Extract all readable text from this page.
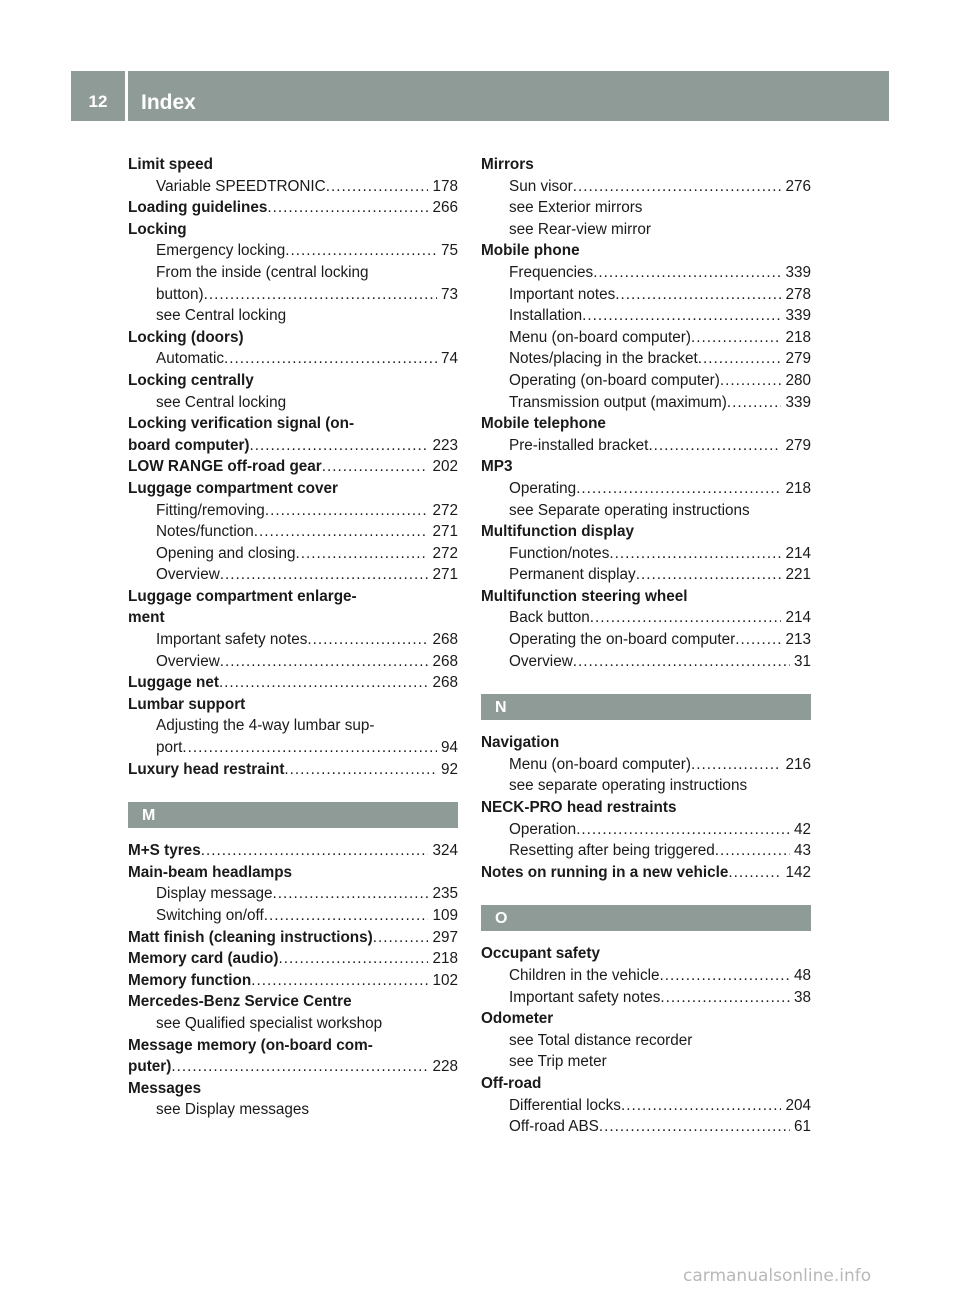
12	Index
Limit speed
Variable SPEEDTRONIC .....	178
Loading guidelines .....	266
Locking
Emergency locking .....	75
From the inside (central locking
button) .....	73
see Central locking
Locking (doors)
Automatic .....	74
Locking centrally
see Central locking
Locking verification signal (on-
board computer) .....	223
LOW RANGE off-road gear .....	202
Luggage compartment cover
Fitting/removing .....	272
Notes/function .....	271
Opening and closing .....	272
Overview .....	271
Luggage compartment enlarge-
ment
Important safety notes .....	268
Overview .....	268
Luggage net .....	268
Lumbar support
Adjusting the 4-way lumbar sup-
port .....	94
Luxury head restraint .....	92
M
M+S tyres .....	324
Main-beam headlamps
Display message .....	235
Switching on/off .....	109
Matt finish (cleaning instructions) .....	297
Memory card (audio) .....	218
Memory function .....	102
Mercedes-Benz Service Centre
see Qualified specialist workshop
Message memory (on-board com-
puter) .....	228
Messages
see Display messages
Mirrors
Sun visor .....	276
see Exterior mirrors
see Rear-view mirror
Mobile phone
Frequencies .....	339
Important notes .....	278
Installation .....	339
Menu (on-board computer) .....	218
Notes/placing in the bracket .....	279
Operating (on-board computer) .....	280
Transmission output (maximum) .....	339
Mobile telephone
Pre-installed bracket .....	279
MP3
Operating .....	218
see Separate operating instructions
Multifunction display
Function/notes .....	214
Permanent display .....	221
Multifunction steering wheel
Back button .....	214
Operating the on-board computer .....	213
Overview .....	31
N
Navigation
Menu (on-board computer) .....	216
see separate operating instructions
NECK-PRO head restraints
Operation .....	42
Resetting after being triggered .....	43
Notes on running in a new vehicle .....	142
O
Occupant safety
Children in the vehicle .....	48
Important safety notes .....	38
Odometer
see Total distance recorder
see Trip meter
Off-road
Differential locks .....	204
Off-road ABS .....	61
carmanualsonline.info
